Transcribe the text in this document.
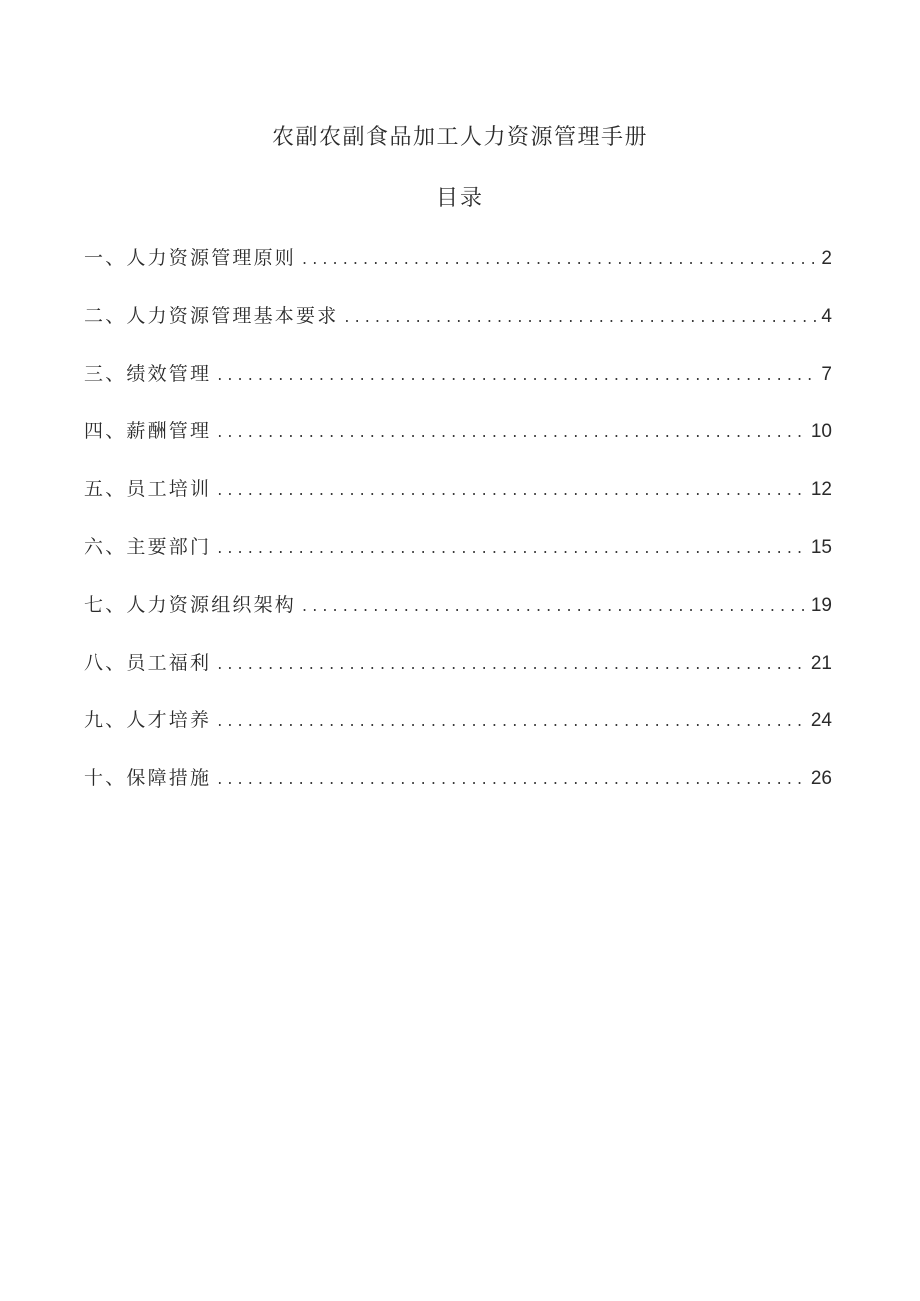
农副农副食品加工人力资源管理手册
目录
一、人力资源管理原则 . . .	2
二、人力资源管理基本要求 . . .	4
三、绩效管理 . . .	7
四、薪酬管理 . . .	10
五、员工培训 . . .	12
六、主要部门 . . .	15
七、人力资源组织架构 . . .	19
八、员工福利 . . .	21
九、人才培养 . . .	24
十、保障措施 . . .	26
